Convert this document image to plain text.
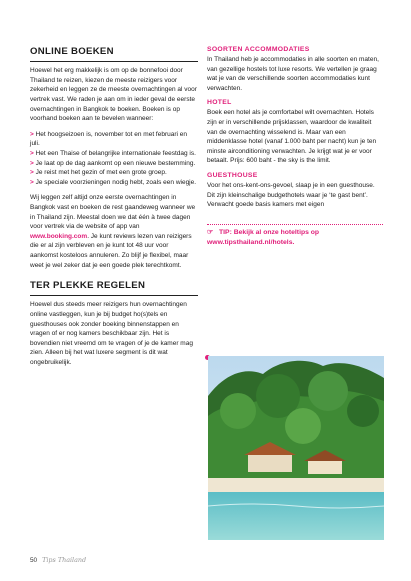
ONLINE BOEKEN

Hoewel het erg makkelijk is om op de bonnefooi door Thailand te reizen, kiezen de meeste reizigers voor zekerheid en leggen ze de meeste overnachtingen al voor vertrek vast. We raden je aan om in ieder geval de eerste overnachtingen in Bangkok te boeken. Boeken is op voorhand boeken aan te bevelen wanneer:

> Het hoogseizoen is, november tot en met februari en juli.
> Het een Thaise of belangrijke internationale feestdag is.
> Je laat op de dag aankomt op een nieuwe bestemming.
> Je reist met het gezin of met een grote groep.
> Je speciale voorzieningen nodig hebt, zoals een wiegje.

Wij leggen zelf altijd onze eerste overnachtingen in Bangkok vast en boeken de rest gaandeweg wanneer we in Thailand zijn. Meestal doen we dat één à twee dagen voor vertrek via de website of app van www.booking.com. Je kunt reviews lezen van reizigers die er al zijn verbleven en je kunt tot 48 uur voor aankomst kosteloos annuleren. Zo blijf je flexibel, maar weet je wel zeker dat je een goede plek terechtkomt.

TER PLEKKE REGELEN

Hoewel dus steeds meer reizigers hun overnachtingen online vastleggen, kun je bij budget ho(s)tels en guesthouses ook zonder boeking binnenstappen en vragen of er nog kamers beschikbaar zijn. Het is bovendien niet vreemd om te vragen of je de kamer mag zien. Alleen bij het wat luxere segment is dit wat ongebruikelijk.

SOORTEN ACCOMMODATIES

In Thailand heb je accommodaties in alle soorten en maten, van gezellige hostels tot luxe resorts. We vertellen je graag wat je van de verschillende soorten accommodaties kunt verwachten.

HOTEL

Boek een hotel als je comfortabel wilt overnachten. Hotels zijn er in verschillende prijsklassen, waardoor de kwaliteit van de overnachting wisselend is. Maar van een middenklasse hotel (vanaf 1.000 baht per nacht) kun je ten minste airconditioning verwachten. Je krijgt wat je er voor betaalt. Prijs: 600 baht - the sky is the limit.

GUESTHOUSE

Voor het ons-kent-ons-gevoel, slaap je in een guesthouse. Dit zijn kleinschalige budgethotels waar je ‘te gast bent’. Verwacht goede basis kamers met eigen

☞ TIP: Bekijk al onze hoteltips op
www.tipsthailand.nl/hotels.
50 Tips Thailand
